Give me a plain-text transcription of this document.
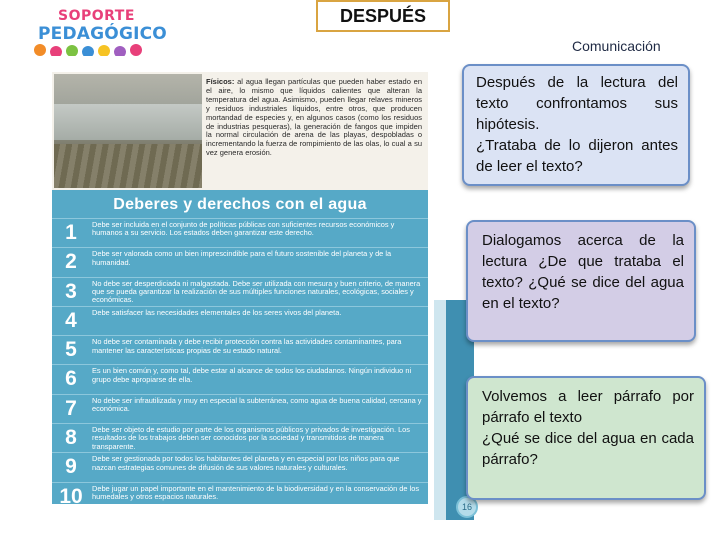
SOPORTE
PEDAGÓGICO
DESPUÉS
Comunicación
Físicos: al agua llegan partículas que pueden haber estado en el aire, lo mismo que líquidos calientes que alteran la temperatura del agua. Asimismo, pueden llegar relaves mineros y residuos industriales líquidos, entre otros, que producen mortandad de especies y, en algunos casos (como los residuos de industrias pesqueras), la generación de fangos que impiden la normal circulación de arena de las playas, despobladas o incrementando la fuerza de rompimiento de las olas, lo cual a su vez genera erosión.
Deberes y derechos con el agua
1	Debe ser incluida en el conjunto de políticas públicas con suficientes recursos económicos y humanos a su servicio. Los estados deben garantizar este derecho.
2	Debe ser valorada como un bien imprescindible para el futuro sostenible del planeta y de la humanidad.
3	No debe ser desperdiciada ni malgastada. Debe ser utilizada con mesura y buen criterio, de manera que se pueda garantizar la realización de sus múltiples funciones naturales, ecológicas, sociales y económicas.
4	Debe satisfacer las necesidades elementales de los seres vivos del planeta.
5	No debe ser contaminada y debe recibir protección contra las actividades contaminantes, para mantener las características propias de su estado natural.
6	Es un bien común y, como tal, debe estar al alcance de todos los ciudadanos. Ningún individuo ni grupo debe apropiarse de ella.
7	No debe ser infrautilizada y muy en especial la subterránea, como agua de buena calidad, cercana y económica.
8	Debe ser objeto de estudio por parte de los organismos públicos y privados de investigación. Los resultados de los trabajos deben ser conocidos por la sociedad y transmitidos de manera transparente.
9	Debe ser gestionada por todos los habitantes del planeta y en especial por los niños para que nazcan estrategias comunes de difusión de sus valores naturales y culturales.
10	Debe jugar un papel importante en el mantenimiento de la biodiversidad y en la conservación de los humedales y otros espacios naturales.
16

Después de la lectura del texto confrontamos sus hipótesis.
¿Trataba de lo dijeron antes de leer el texto?

Dialogamos acerca de la lectura ¿De que trataba el texto? ¿Qué se dice del agua en el texto?

Volvemos a leer párrafo por párrafo el texto
¿Qué se dice del agua en cada párrafo?
